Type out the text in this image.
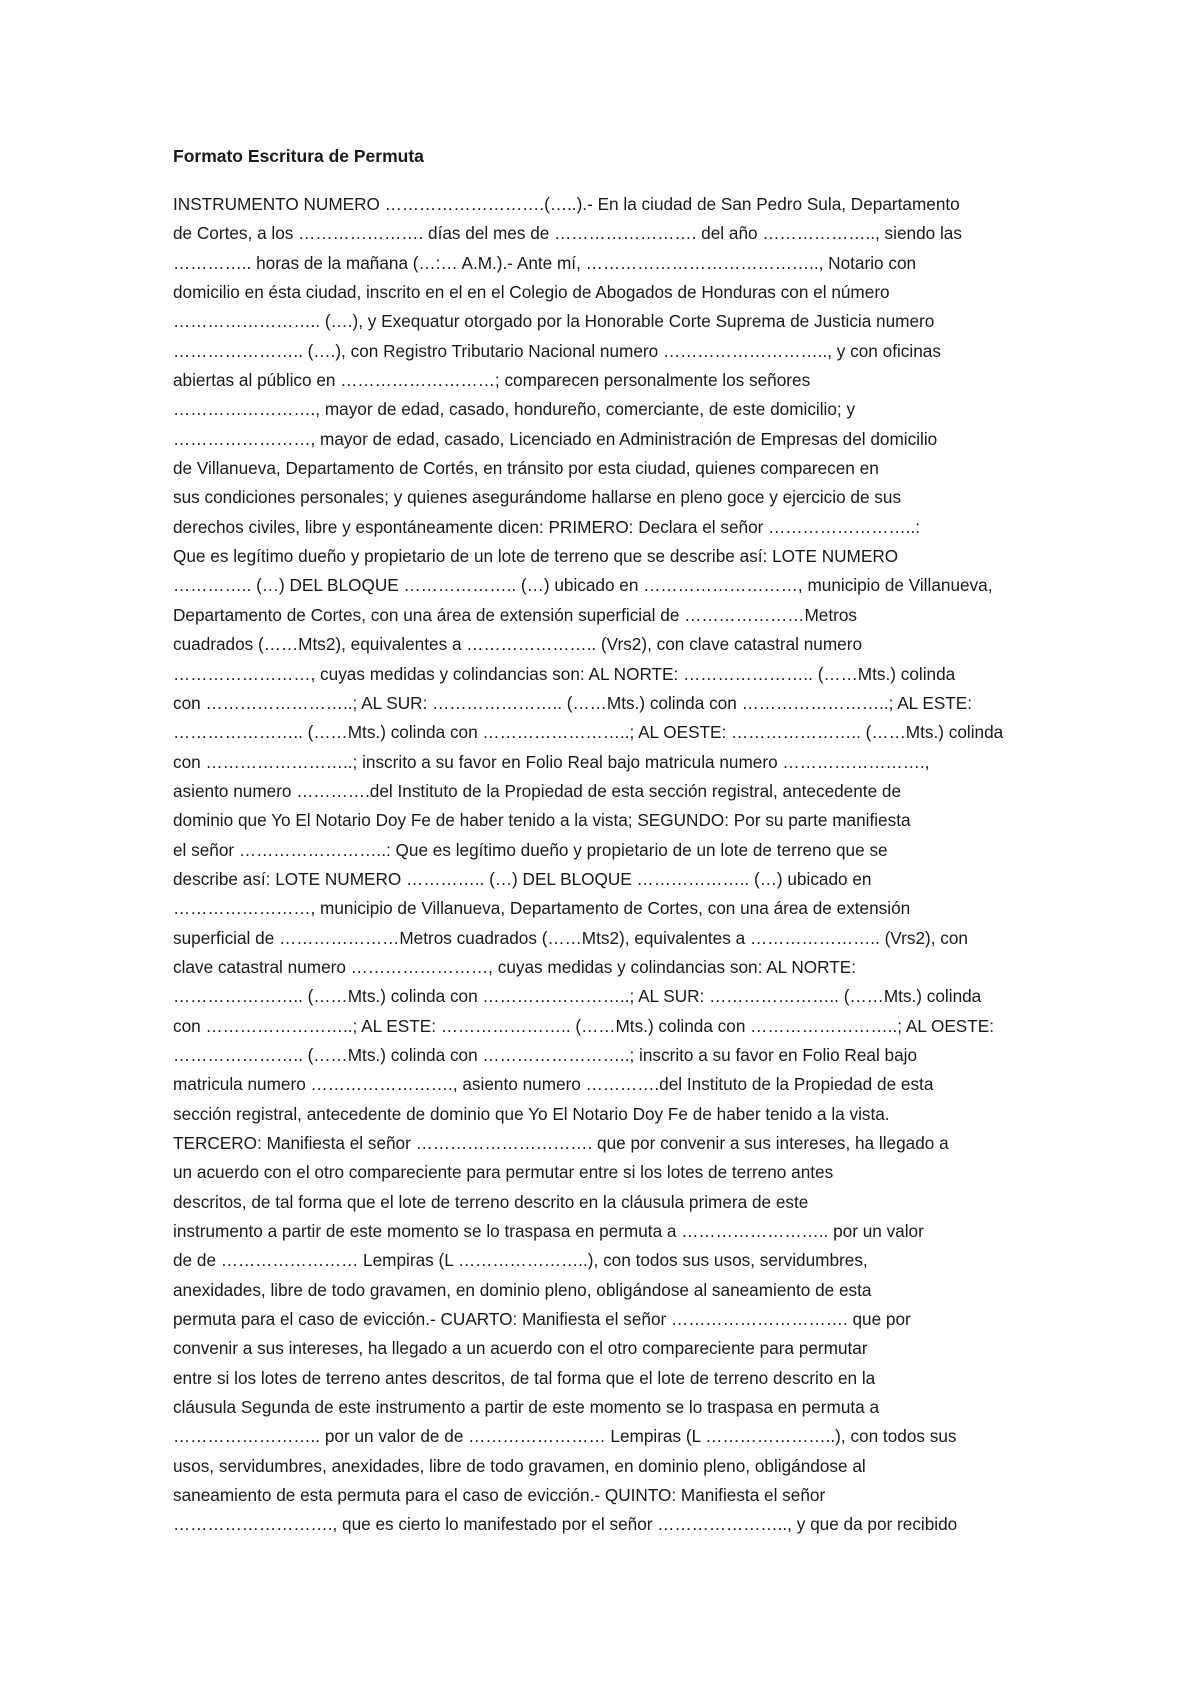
Formato Escritura de Permuta
INSTRUMENTO NUMERO ……………………….(…..).- En la ciudad de San Pedro Sula, Departamento
de Cortes, a los …………………. días del mes de ……………………. del año ……………….., siendo las
………….. horas de la mañana (…:… A.M.).- Ante mí, ………………………………….., Notario con
domicilio en ésta ciudad, inscrito en el en el Colegio de Abogados de Honduras con el número
…………………….. (….), y Exequatur otorgado por la Honorable Corte Suprema de Justicia numero
………………….. (….), con Registro Tributario Nacional numero ……………………….., y con oficinas
abiertas al público en ………………………; comparecen personalmente los señores
……………………., mayor de edad, casado, hondureño, comerciante, de este domicilio; y
……………………, mayor de edad, casado, Licenciado en Administración de Empresas del domicilio
de Villanueva, Departamento de Cortés, en tránsito por esta ciudad, quienes comparecen en
sus condiciones personales; y quienes asegurándome hallarse en pleno goce y ejercicio de sus
derechos civiles, libre y espontáneamente dicen: PRIMERO: Declara el señor ……………………..:
Que es legítimo dueño y propietario de un lote de terreno que se describe así: LOTE NUMERO
………….. (…) DEL BLOQUE ……………….. (…) ubicado en ………………………, municipio de Villanueva,
Departamento de Cortes, con una área de extensión superficial de …………………Metros
cuadrados (……Mts2), equivalentes a ………………….. (Vrs2), con clave catastral numero
……………………, cuyas medidas y colindancias son: AL NORTE: ………………….. (……Mts.) colinda
con ……………………..; AL SUR: ………………….. (……Mts.) colinda con ……………………..; AL ESTE:
………………….. (……Mts.) colinda con ……………………..; AL OESTE: ………………….. (……Mts.) colinda
con ……………………..; inscrito a su favor en Folio Real bajo matricula numero …………………….,
asiento numero ………….del Instituto de la Propiedad de esta sección registral, antecedente de
dominio que Yo El Notario Doy Fe de haber tenido a la vista; SEGUNDO: Por su parte manifiesta
el señor ……………………..: Que es legítimo dueño y propietario de un lote de terreno que se
describe así: LOTE NUMERO ………….. (…) DEL BLOQUE ……………….. (…) ubicado en
……………………, municipio de Villanueva, Departamento de Cortes, con una área de extensión
superficial de …………………Metros cuadrados (……Mts2), equivalentes a ………………….. (Vrs2), con
clave catastral numero ……………………, cuyas medidas y colindancias son: AL NORTE:
………………….. (……Mts.) colinda con ……………………..; AL SUR: ………………….. (……Mts.) colinda
con ……………………..; AL ESTE: ………………….. (……Mts.) colinda con ……………………..; AL OESTE:
………………….. (……Mts.) colinda con ……………………..; inscrito a su favor en Folio Real bajo
matricula numero ……………………., asiento numero ………….del Instituto de la Propiedad de esta
sección registral, antecedente de dominio que Yo El Notario Doy Fe de haber tenido a la vista.
TERCERO: Manifiesta el señor …………………………. que por convenir a sus intereses, ha llegado a
un acuerdo con el otro compareciente para permutar entre si los lotes de terreno antes
descritos, de tal forma que el lote de terreno descrito en la cláusula primera de este
instrumento a partir de este momento se lo traspasa en permuta a …………………….. por un valor
de de …………………… Lempiras (L …………………..), con todos sus usos, servidumbres,
anexidades, libre de todo gravamen, en dominio pleno, obligándose al saneamiento de esta
permuta para el caso de evicción.- CUARTO: Manifiesta el señor …………………………. que por
convenir a sus intereses, ha llegado a un acuerdo con el otro compareciente para permutar
entre si los lotes de terreno antes descritos, de tal forma que el lote de terreno descrito en la
cláusula Segunda de este instrumento a partir de este momento se lo traspasa en permuta a
…………………….. por un valor de de …………………… Lempiras (L …………………..), con todos sus
usos, servidumbres, anexidades, libre de todo gravamen, en dominio pleno, obligándose al
saneamiento de esta permuta para el caso de evicción.- QUINTO: Manifiesta el señor
………………………., que es cierto lo manifestado por el señor ………………….., y que da por recibido
